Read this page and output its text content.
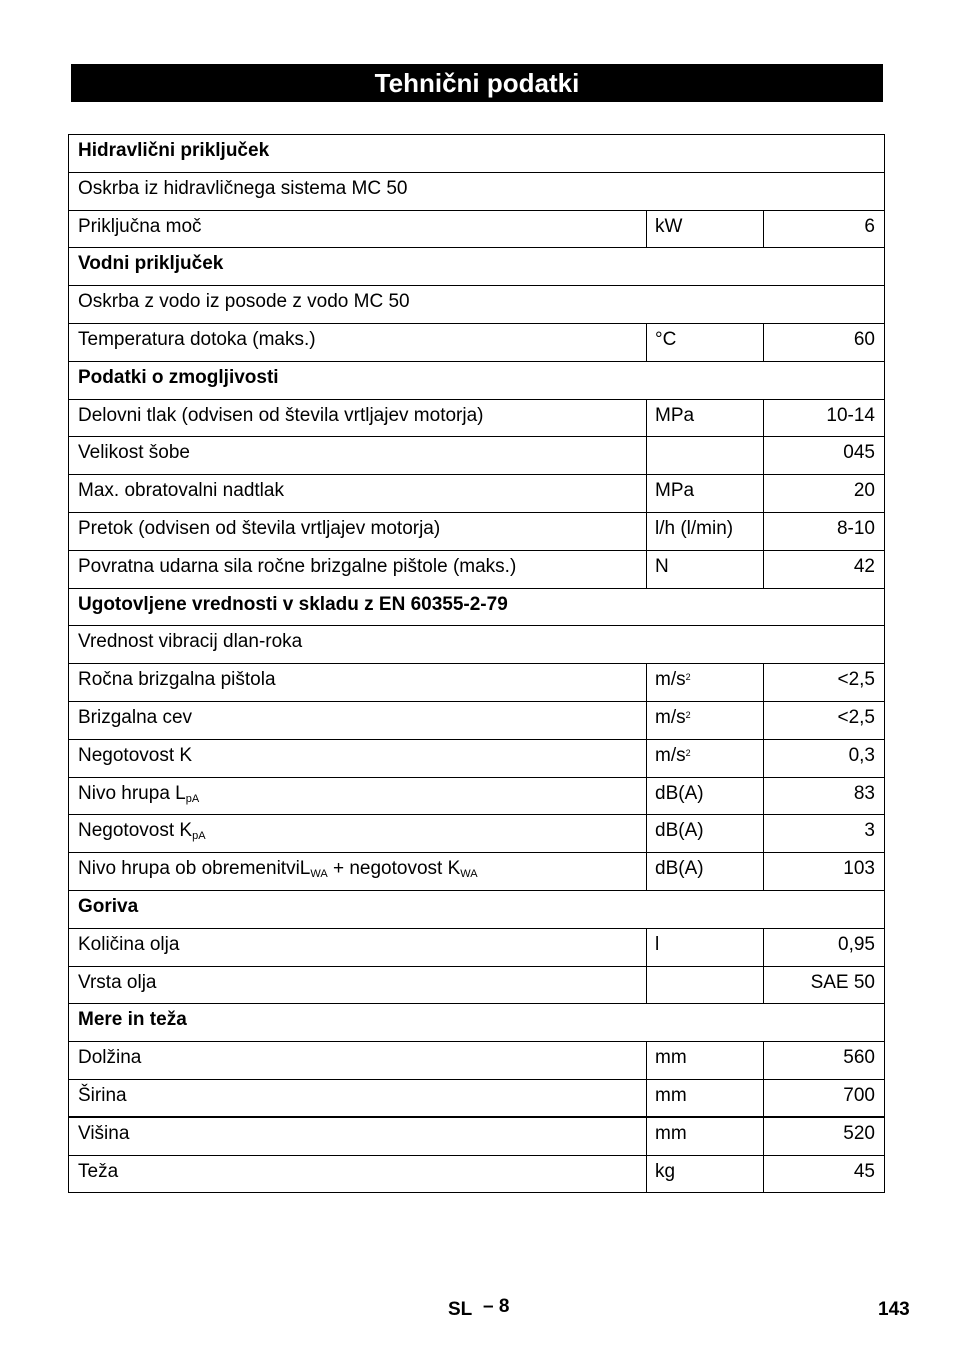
Tehnični podatki
Hidravlični priključek		
Oskrba iz hidravličnega sistema MC 50		
Priključna moč	kW	6
Vodni priključek		
Oskrba z vodo iz posode z vodo MC 50		
Temperatura dotoka (maks.)	°C	60
Podatki o zmogljivosti		
Delovni tlak (odvisen od števila vrtljajev motorja)	MPa	10-14
Velikost šobe		045
Max. obratovalni nadtlak	MPa	20
Pretok (odvisen od števila vrtljajev motorja)	l/h (l/min)	8-10
Povratna udarna sila ročne brizgalne pištole (maks.)	N	42
Ugotovljene vrednosti v skladu z EN 60355-2-79		
Vrednost vibracij dlan-roka		
Ročna brizgalna pištola	$m/s^2$	<2,5
Brizgalna cev	$m/s^2$	<2,5
Negotovost K	$m/s^2$	0,3
Nivo hrupa $L_{pA}$	dB(A)	83
Negotovost $K_{pA}$	dB(A)	3
Nivo hrupa ob obremenitviL$_{WA}$ + negotovost $K_{WA}$	dB(A)	103
Goriva		
Količina olja	l	0,95
Vrsta olja		SAE 50
Mere in teža		
Dolžina	mm	560
Širina	mm	700
Višina	mm	520
Teža	kg	45
SL – 8	143
